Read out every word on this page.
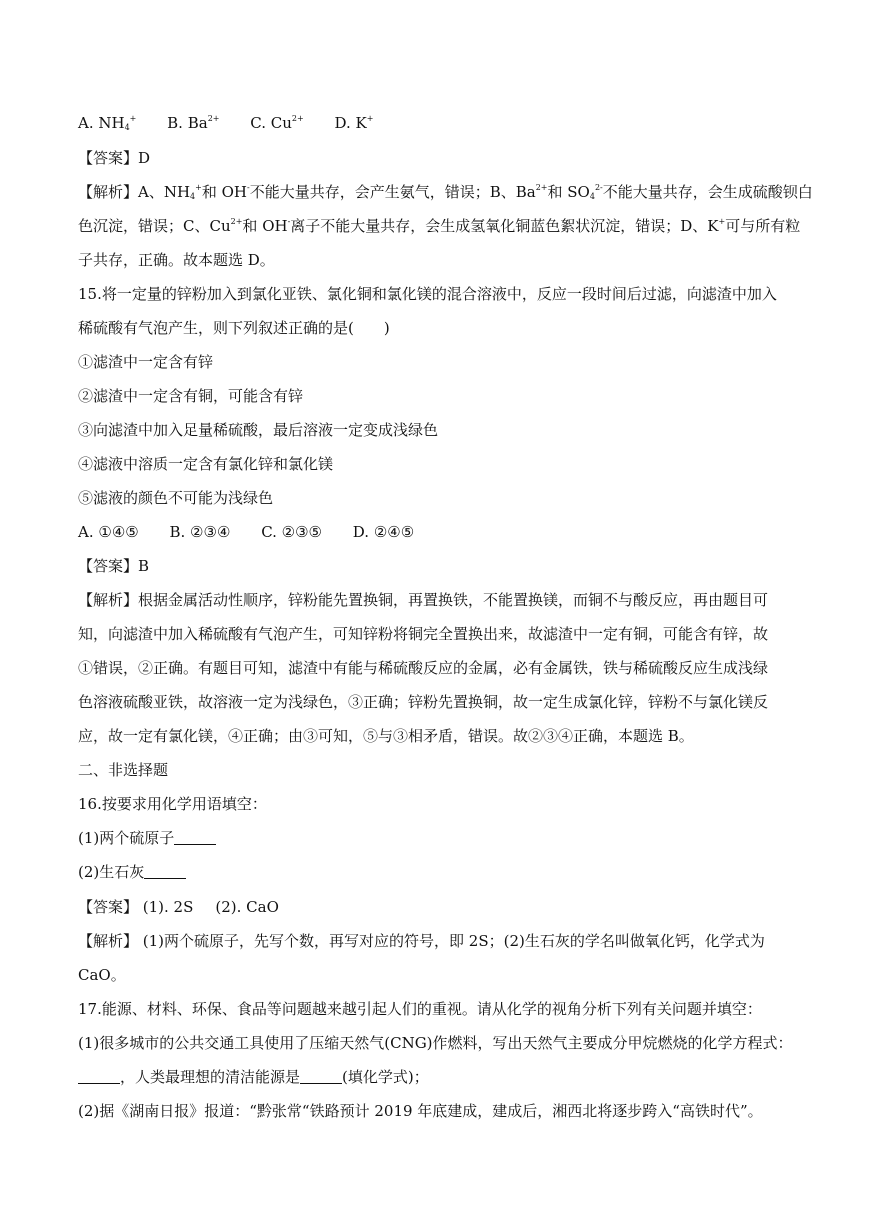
A. $NH_4^+$ B. $Ba^{2+}$ C. $Cu^{2+}$ D. K+
【答案】D
【解析】A、$NH_4^+$和 OH-不能大量共存，会产生氨气，错误；B、$Ba^{2+}$和 $SO_4^{2-}$不能大量共存，会生成硫酸钡白
色沉淀，错误；C、$Cu^{2+}$和 OH-离子不能大量共存，会生成氢氧化铜蓝色絮状沉淀，错误；D、K+可与所有粒
子共存，正确。故本题选 D。
15.将一定量的锌粉加入到氯化亚铁、氯化铜和氯化镁的混合溶液中，反应一段时间后过滤，向滤渣中加入
稀硫酸有气泡产生，则下列叙述正确的是(　　)
①滤渣中一定含有锌
②滤渣中一定含有铜，可能含有锌
③向滤渣中加入足量稀硫酸，最后溶液一定变成浅绿色
④滤液中溶质一定含有氯化锌和氯化镁
⑤滤液的颜色不可能为浅绿色
A. ①④⑤ B. ②③④ C. ②③⑤ D. ②④⑤
【答案】B
【解析】根据金属活动性顺序，锌粉能先置换铜，再置换铁，不能置换镁，而铜不与酸反应，再由题目可
知，向滤渣中加入稀硫酸有气泡产生，可知锌粉将铜完全置换出来，故滤渣中一定有铜，可能含有锌，故
①错误，②正确。有题目可知，滤渣中有能与稀硫酸反应的金属，必有金属铁，铁与稀硫酸反应生成浅绿
色溶液硫酸亚铁，故溶液一定为浅绿色，③正确；锌粉先置换铜，故一定生成氯化锌，锌粉不与氯化镁反
应，故一定有氯化镁，④正确；由③可知，⑤与③相矛盾，错误。故②③④正确，本题选 B。
二、非选择题
16.按要求用化学用语填空：
(1)两个硫原子
(2)生石灰
【答案】 (1). 2S (2). CaO
【解析】 (1)两个硫原子，先写个数，再写对应的符号，即 2S；(2)生石灰的学名叫做氧化钙，化学式为
CaO。
17.能源、材料、环保、食品等问题越来越引起人们的重视。请从化学的视角分析下列有关问题并填空：
(1)很多城市的公共交通工具使用了压缩天然气(CNG)作燃料，写出天然气主要成分甲烷燃烧的化学方程式：
，人类最理想的清洁能源是	(填化学式)；
(2)据《湖南日报》报道：“黔张常“铁路预计 2019 年底建成，建成后，湘西北将逐步跨入“高铁时代”。
